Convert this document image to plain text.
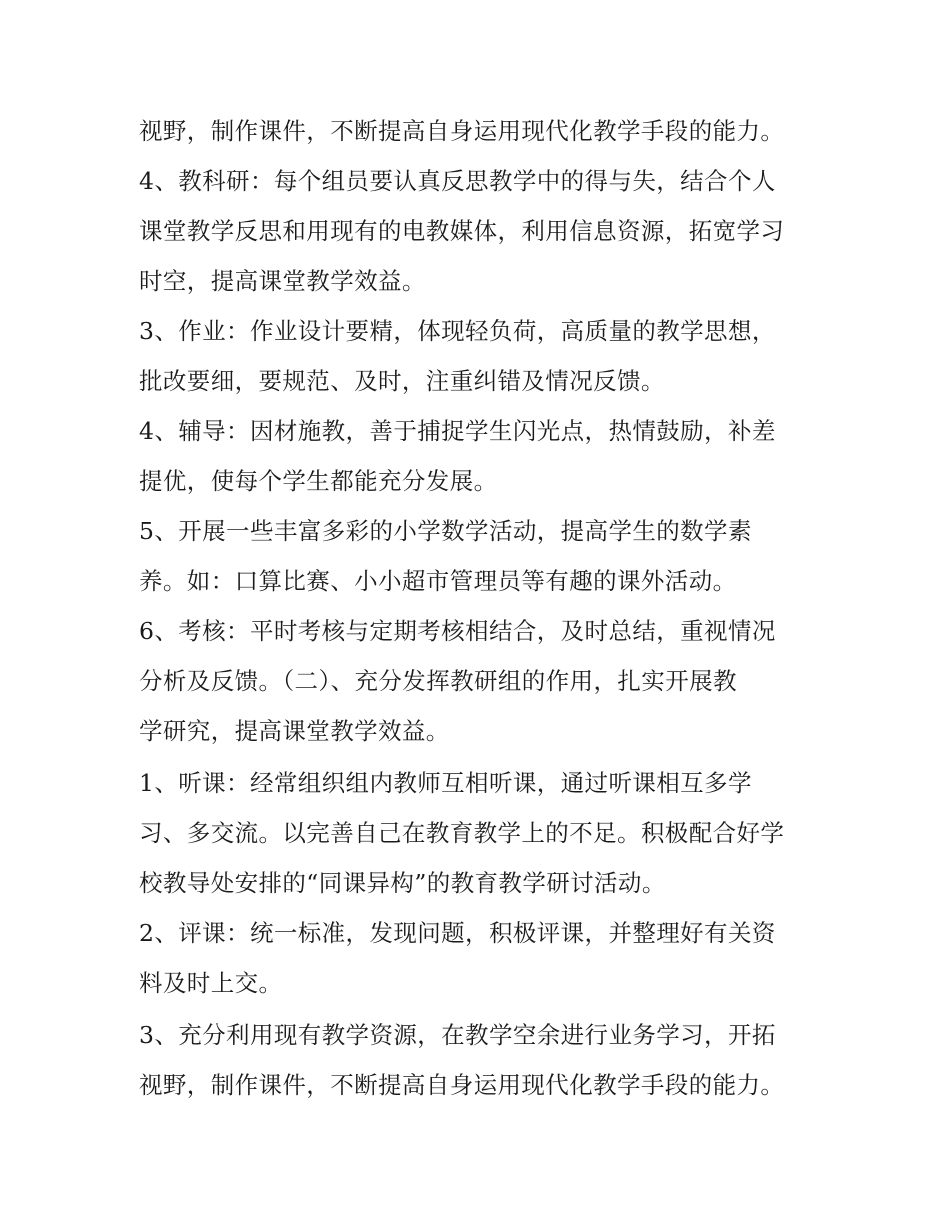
视野，制作课件，不断提高自身运用现代化教学手段的能力。
4、教科研：每个组员要认真反思教学中的得与失，结合个人
课堂教学反思和用现有的电教媒体，利用信息资源，拓宽学习
时空，提高课堂教学效益。
3、作业：作业设计要精，体现轻负荷，高质量的教学思想，
批改要细，要规范、及时，注重纠错及情况反馈。
4、辅导：因材施教，善于捕捉学生闪光点，热情鼓励，补差
提优，使每个学生都能充分发展。
5、开展一些丰富多彩的小学数学活动，提高学生的数学素
养。如：口算比赛、小小超市管理员等有趣的课外活动。
6、考核：平时考核与定期考核相结合，及时总结，重视情况
分析及反馈。（二）、充分发挥教研组的作用，扎实开展教
学研究，提高课堂教学效益。
1、听课：经常组织组内教师互相听课，通过听课相互多学
习、多交流。以完善自己在教育教学上的不足。积极配合好学
校教导处安排的“同课异构”的教育教学研讨活动。
2、评课：统一标准，发现问题，积极评课，并整理好有关资
料及时上交。
3、充分利用现有教学资源，在教学空余进行业务学习，开拓
视野，制作课件，不断提高自身运用现代化教学手段的能力。
